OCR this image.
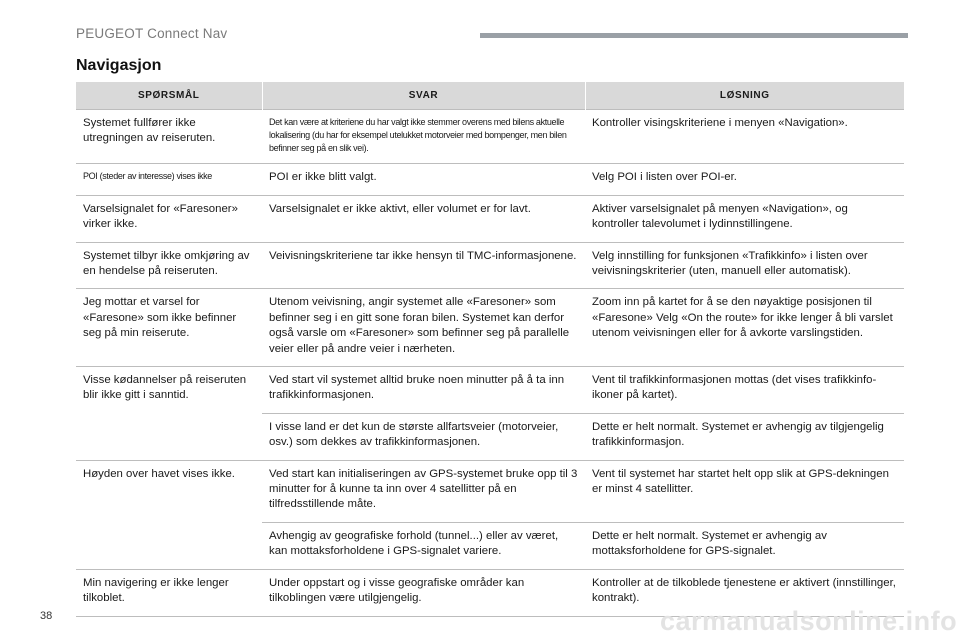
PEUGEOT Connect Nav
Navigasjon
SPØRSMÅL	SVAR	LØSNING
Systemet fullfører ikke utregningen av reiseruten.	Det kan være at kriteriene du har valgt ikke stemmer overens med bilens aktuelle lokalisering (du har for eksempel utelukket motorveier med bompenger, men bilen befinner seg på en slik vei).	Kontroller visingskriteriene i menyen «Navigation».
POI (steder av interesse) vises ikke	POI er ikke blitt valgt.	Velg POI i listen over POI-er.
Varselsignalet for «Faresoner» virker ikke.	Varselsignalet er ikke aktivt, eller volumet er for lavt.	Aktiver varselsignalet på menyen «Navigation», og kontroller talevolumet i lydinnstillingene.
Systemet tilbyr ikke omkjøring av en hendelse på reiseruten.	Veivisningskriteriene tar ikke hensyn til TMC-informasjonene.	Velg innstilling for funksjonen «Trafikkinfo» i listen over veivisningskriterier (uten, manuell eller automatisk).
Jeg mottar et varsel for «Faresone» som ikke befinner seg på min reiserute.	Utenom veivisning, angir systemet alle «Faresoner» som befinner seg i en gitt sone foran bilen. Systemet kan derfor også varsle om «Faresoner» som befinner seg på parallelle veier eller på andre veier i nærheten.	Zoom inn på kartet for å se den nøyaktige posisjonen til «Faresone» Velg «On the route» for ikke lenger å bli varslet utenom veivisningen eller for å avkorte varslingstiden.
Visse kødannelser på reiseruten blir ikke gitt i sanntid.	Ved start vil systemet alltid bruke noen minutter på å ta inn trafikkinformasjonen.	Vent til trafikkinformasjonen mottas (det vises trafikkinfo-ikoner på kartet).
	I visse land er det kun de største allfartsveier (motorveier, osv.) som dekkes av trafikkinformasjonen.	Dette er helt normalt. Systemet er avhengig av tilgjengelig trafikkinformasjon.
Høyden over havet vises ikke.	Ved start kan initialiseringen av GPS-systemet bruke opp til 3 minutter for å kunne ta inn over 4 satellitter på en tilfredsstillende måte.	Vent til systemet har startet helt opp slik at GPS-dekningen er minst 4 satellitter.
	Avhengig av geografiske forhold (tunnel...) eller av været, kan mottaksforholdene i GPS-signalet variere.	Dette er helt normalt. Systemet er avhengig av mottaksforholdene for GPS-signalet.
Min navigering er ikke lenger tilkoblet.	Under oppstart og i visse geografiske områder kan tilkoblingen være utilgjengelig.	Kontroller at de tilkoblede tjenestene er aktivert (innstillinger, kontrakt).
38	carmanualsonline.info
